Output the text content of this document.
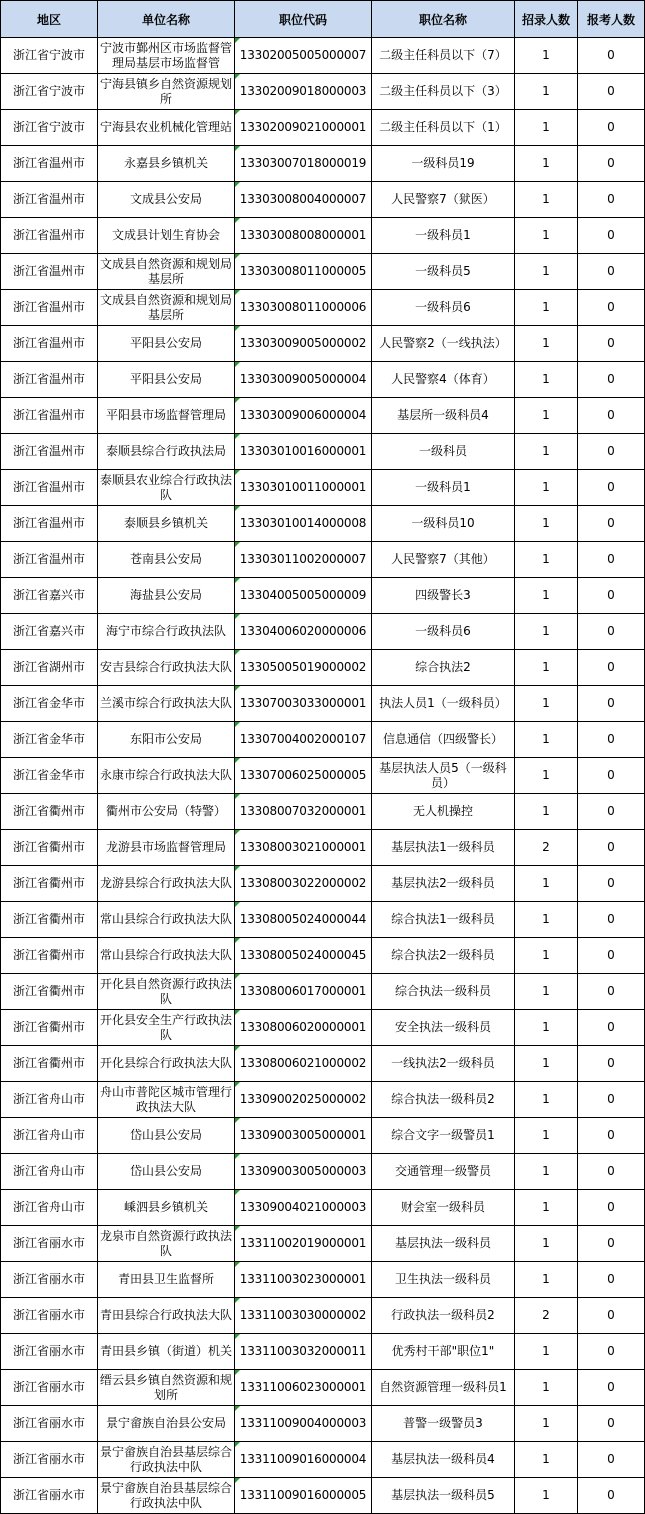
地区	单位名称	职位代码	职位名称	招录人数	报考人数
浙江省宁波市	宁波市鄞州区市场监督管理局基层市场监督管	13302005005000007	二级主任科员以下（7）	1	0
浙江省宁波市	宁海县镇乡自然资源规划所	13302009018000003	二级主任科员以下（3）	1	0
浙江省宁波市	宁海县农业机械化管理站	13302009021000001	二级主任科员以下（1）	1	0
浙江省温州市	永嘉县乡镇机关	13303007018000019	一级科员19	1	0
浙江省温州市	文成县公安局	13303008004000007	人民警察7（狱医）	1	0
浙江省温州市	文成县计划生育协会	13303008008000001	一级科员1	1	0
浙江省温州市	文成县自然资源和规划局基层所	13303008011000005	一级科员5	1	0
浙江省温州市	文成县自然资源和规划局基层所	13303008011000006	一级科员6	1	0
浙江省温州市	平阳县公安局	13303009005000002	人民警察2（一线执法）	1	0
浙江省温州市	平阳县公安局	13303009005000004	人民警察4（体育）	1	0
浙江省温州市	平阳县市场监督管理局	13303009006000004	基层所一级科员4	1	0
浙江省温州市	泰顺县综合行政执法局	13303010016000001	一级科员	1	0
浙江省温州市	泰顺县农业综合行政执法队	13303010011000001	一级科员1	1	0
浙江省温州市	泰顺县乡镇机关	13303010014000008	一级科员10	1	0
浙江省温州市	苍南县公安局	13303011002000007	人民警察7（其他）	1	0
浙江省嘉兴市	海盐县公安局	13304005005000009	四级警长3	1	0
浙江省嘉兴市	海宁市综合行政执法队	13304006020000006	一级科员6	1	0
浙江省湖州市	安吉县综合行政执法大队	13305005019000002	综合执法2	1	0
浙江省金华市	兰溪市综合行政执法大队	13307003033000001	执法人员1（一级科员）	1	0
浙江省金华市	东阳市公安局	13307004002000107	信息通信（四级警长）	1	0
浙江省金华市	永康市综合行政执法大队	13307006025000005	基层执法人员5（一级科员）	1	0
浙江省衢州市	衢州市公安局（特警）	13308007032000001	无人机操控	1	0
浙江省衢州市	龙游县市场监督管理局	13308003021000001	基层执法1一级科员	2	0
浙江省衢州市	龙游县综合行政执法大队	13308003022000002	基层执法2一级科员	1	0
浙江省衢州市	常山县综合行政执法大队	13308005024000044	综合执法1一级科员	1	0
浙江省衢州市	常山县综合行政执法大队	13308005024000045	综合执法2一级科员	1	0
浙江省衢州市	开化县自然资源行政执法队	13308006017000001	综合执法一级科员	1	0
浙江省衢州市	开化县安全生产行政执法队	13308006020000001	安全执法一级科员	1	0
浙江省衢州市	开化县综合行政执法大队	13308006021000002	一线执法2一级科员	1	0
浙江省舟山市	舟山市普陀区城市管理行政执法大队	13309002025000002	综合执法一级科员2	1	0
浙江省舟山市	岱山县公安局	13309003005000001	综合文字一级警员1	1	0
浙江省舟山市	岱山县公安局	13309003005000003	交通管理一级警员	1	0
浙江省舟山市	嵊泗县乡镇机关	13309004021000003	财会室一级科员	1	0
浙江省丽水市	龙泉市自然资源行政执法队	13311002019000001	基层执法一级科员	1	0
浙江省丽水市	青田县卫生监督所	13311003023000001	卫生执法一级科员	1	0
浙江省丽水市	青田县综合行政执法大队	13311003030000002	行政执法一级科员2	2	0
浙江省丽水市	青田县乡镇（街道）机关	13311003032000011	优秀村干部"职位1"	1	0
浙江省丽水市	缙云县乡镇自然资源和规划所	13311006023000001	自然资源管理一级科员1	1	0
浙江省丽水市	景宁畲族自治县公安局	13311009004000003	普警一级警员3	1	0
浙江省丽水市	景宁畲族自治县基层综合行政执法中队	13311009016000004	基层执法一级科员4	1	0
浙江省丽水市	景宁畲族自治县基层综合行政执法中队	13311009016000005	基层执法一级科员5	1	0
